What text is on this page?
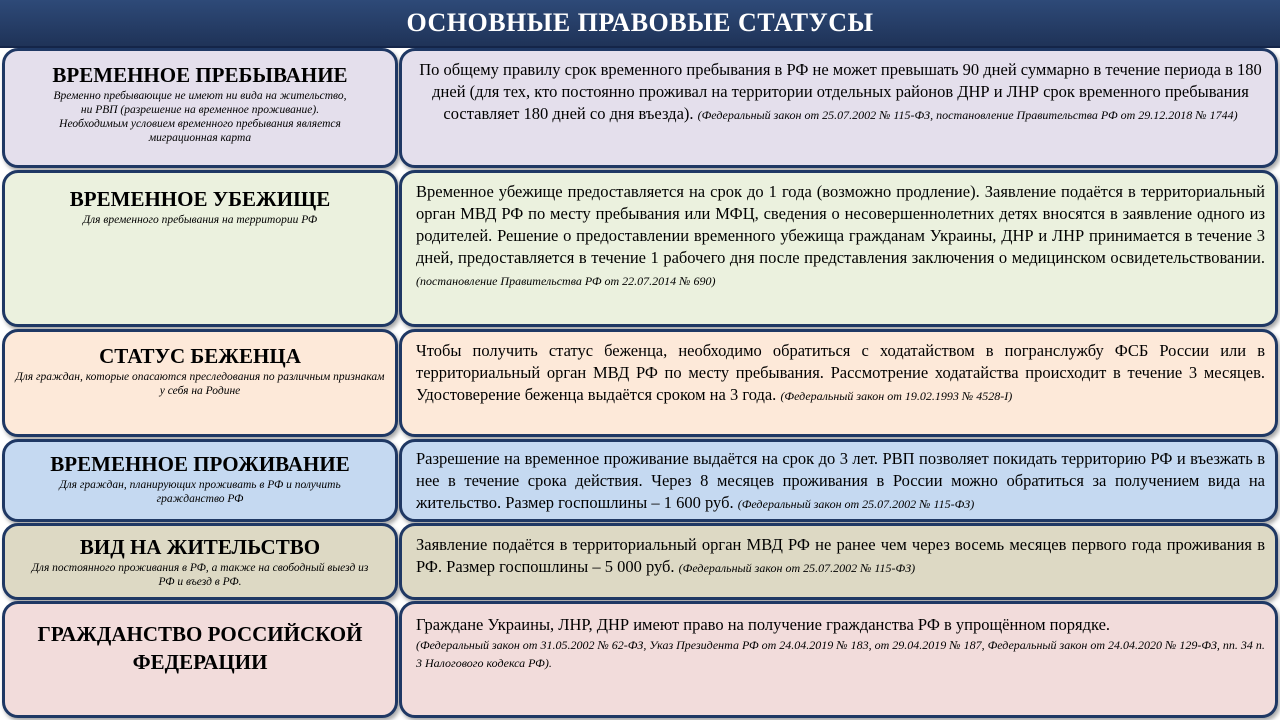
ОСНОВНЫЕ ПРАВОВЫЕ СТАТУСЫ
ВРЕМЕННОЕ ПРЕБЫВАНИЕ
Временно пребывающие не имеют ни вида на жительство, ни РВП (разрешение на временное проживание). Необходимым условием временного пребывания является миграционная карта
По общему правилу срок временного пребывания в РФ не может превышать 90 дней суммарно в течение периода в 180 дней (для тех, кто постоянно проживал на территории отдельных районов ДНР и ЛНР срок временного пребывания составляет 180 дней со дня въезда). (Федеральный закон от 25.07.2002 № 115-ФЗ, постановление Правительства РФ от 29.12.2018 № 1744)
ВРЕМЕННОЕ УБЕЖИЩЕ
Для временного пребывания на территории РФ
Временное убежище предоставляется на срок до 1 года (возможно продление). Заявление подаётся в территориальный орган МВД РФ по месту пребывания или МФЦ, сведения о несовершеннолетних детях вносятся в заявление одного из родителей. Решение о предоставлении временного убежища гражданам Украины, ДНР и ЛНР принимается в течение 3 дней, предоставляется в течение 1 рабочего дня после представления заключения о медицинском освидетельствовании. (постановление Правительства РФ от 22.07.2014 № 690)
СТАТУС БЕЖЕНЦА
Для граждан, которые опасаются преследования по различным признакам у себя на Родине
Чтобы получить статус беженца, необходимо обратиться с ходатайством в погранслужбу ФСБ России или в территориальный орган МВД РФ по месту пребывания. Рассмотрение ходатайства происходит в течение 3 месяцев. Удостоверение беженца выдаётся сроком на 3 года. (Федеральный закон от 19.02.1993 № 4528-I)
ВРЕМЕННОЕ ПРОЖИВАНИЕ
Для граждан, планирующих проживать в РФ и получить гражданство РФ
Разрешение на временное проживание выдаётся на срок до 3 лет. РВП позволяет покидать территорию РФ и въезжать в нее в течение срока действия. Через 8 месяцев проживания в России можно обратиться за получением вида на жительство. Размер госпошлины – 1 600 руб. (Федеральный закон от 25.07.2002 № 115-ФЗ)
ВИД НА ЖИТЕЛЬСТВО
Для постоянного проживания в РФ, а также на свободный выезд из РФ и въезд в РФ.
Заявление подаётся в территориальный орган МВД РФ не ранее чем через восемь месяцев первого года проживания в РФ. Размер госпошлины – 5 000 руб. (Федеральный закон от 25.07.2002 № 115-ФЗ)
ГРАЖДАНСТВО РОССИЙСКОЙ ФЕДЕРАЦИИ
Граждане Украины, ЛНР, ДНР имеют право на получение гражданства РФ в упрощённом порядке.
(Федеральный закон от 31.05.2002 № 62-ФЗ, Указ Президента РФ от 24.04.2019 № 183, от 29.04.2019 № 187, Федеральный закон от 24.04.2020 № 129-ФЗ, пп. 34 п. 3 Налогового кодекса РФ).
